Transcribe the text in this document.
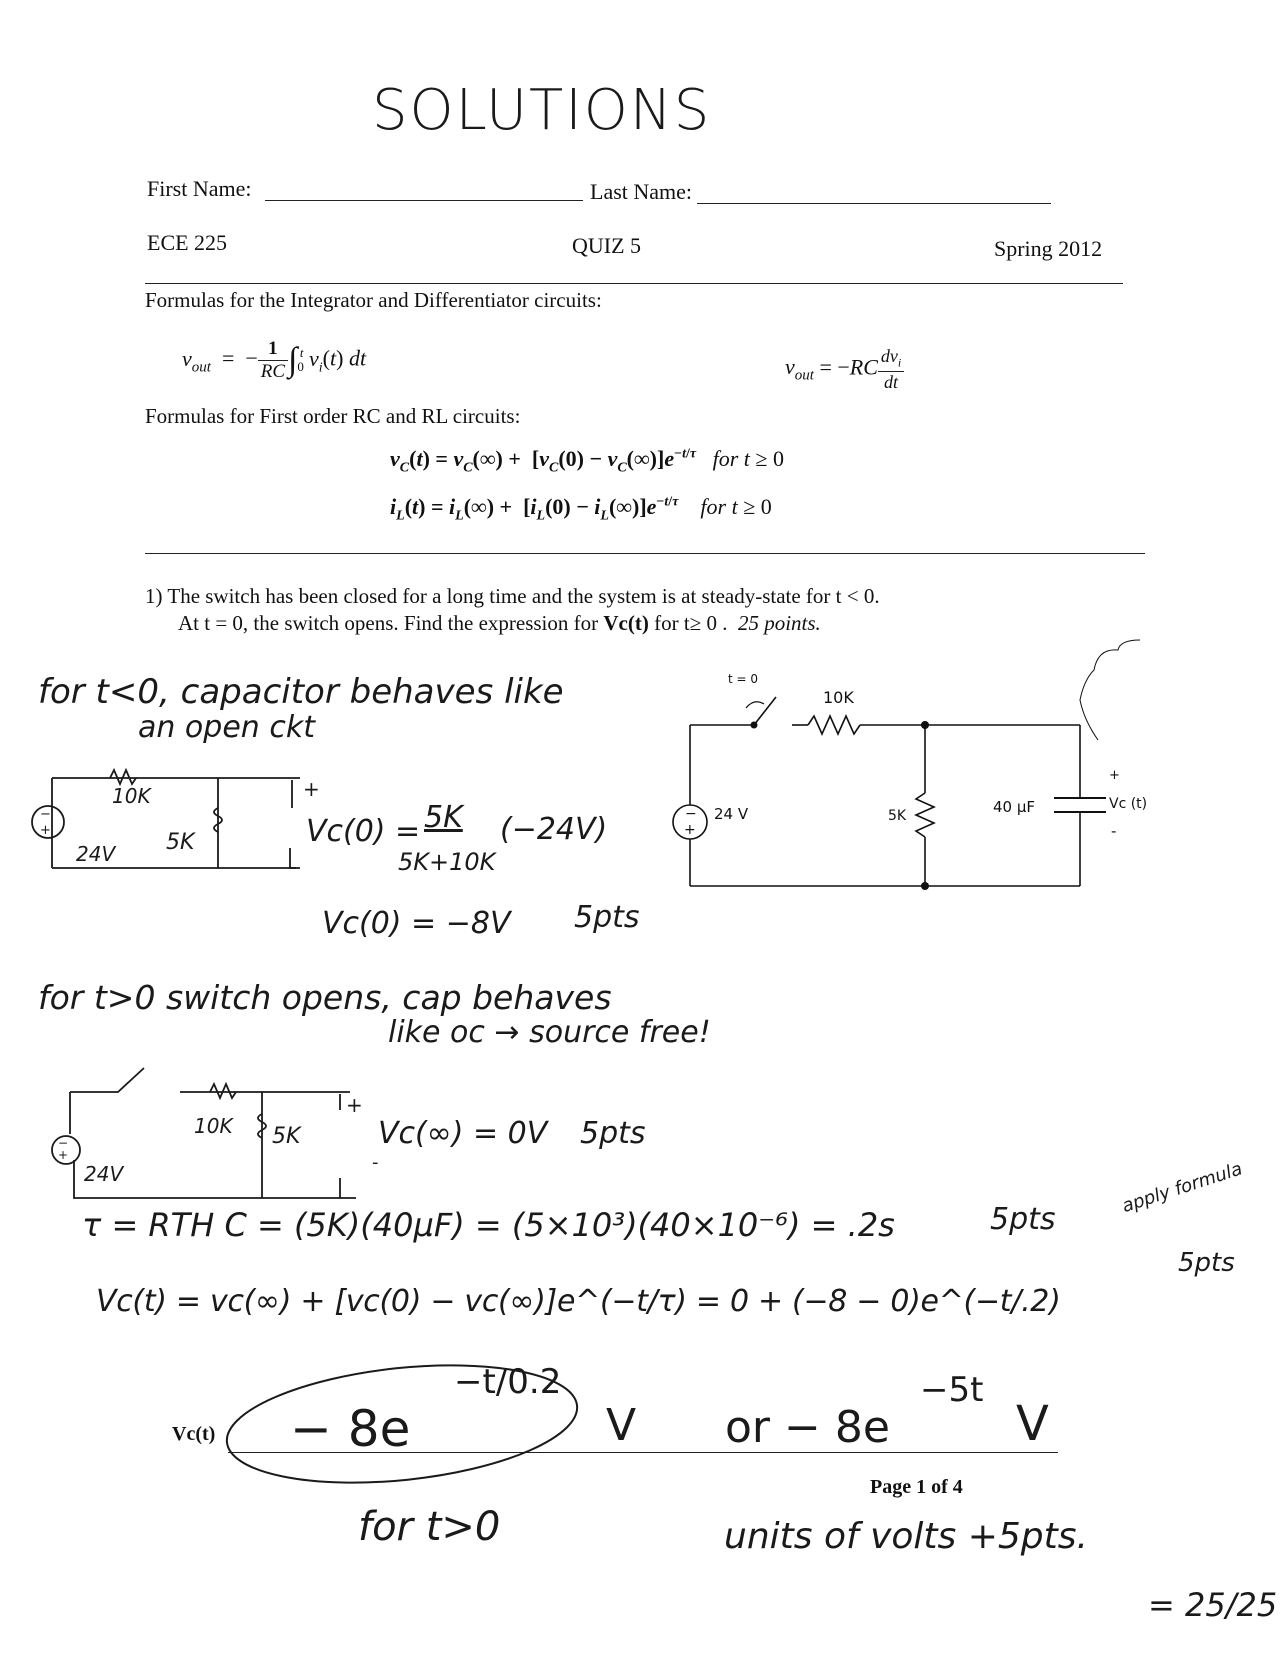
SOLUTIONS
First Name:	Last Name:
ECE 225	QUIZ 5	Spring 2012
Formulas for the Integrator and Differentiator circuits:
$v_{out}$  =  − $\frac{1}{RC} \int_0^t$ $v_i(t)$ dt	$v_{out} = -RC \frac{dv_i}{dt}$
Formulas for First order RC and RL circuits:
$v_C(t) = v_C(\infty) + [v_C(0) - v_C(\infty)]e^{-t/\tau}$ for t ≥ 0
$i_L(t) = i_L(\infty) + [i_L(0) - i_L(\infty)]e^{-t/\tau}$ for t ≥ 0
1) The switch has been closed for a long time and the system is at steady-state for t < 0.
At t = 0, the switch opens. Find the expression for Vc(t) for t≥ 0 . 25 points.
−
+
t = 0
10K
24 V	5K	40 µF
+
Vc (t)
-
for t<0, capacitor behaves like
an open ckt
−
+
+
10K
5K
24V
Vc(0) = 5K
5K+10K
(−24V)
Vc(0) = −8V 5pts
for t>0 switch opens, cap behaves
like oc → source free!
−
+
+
-
10K 5K
24V
Vc(∞) = 0V 5pts
τ = RTH C = (5K)(40µF) = (5×10³)(40×10⁻⁶) = .2s	5pts
apply formula
Vc(t) = vc(∞) + [vc(0) − vc(∞)]e^(−t/τ) = 0 + (−8 − 0)e^(−t/.2)
5pts
Vc(t) − 8e
−t/0.2
V or − 8e
−5t
V
Page 1 of 4
for t>0	units of volts +5pts.
= 25/25
